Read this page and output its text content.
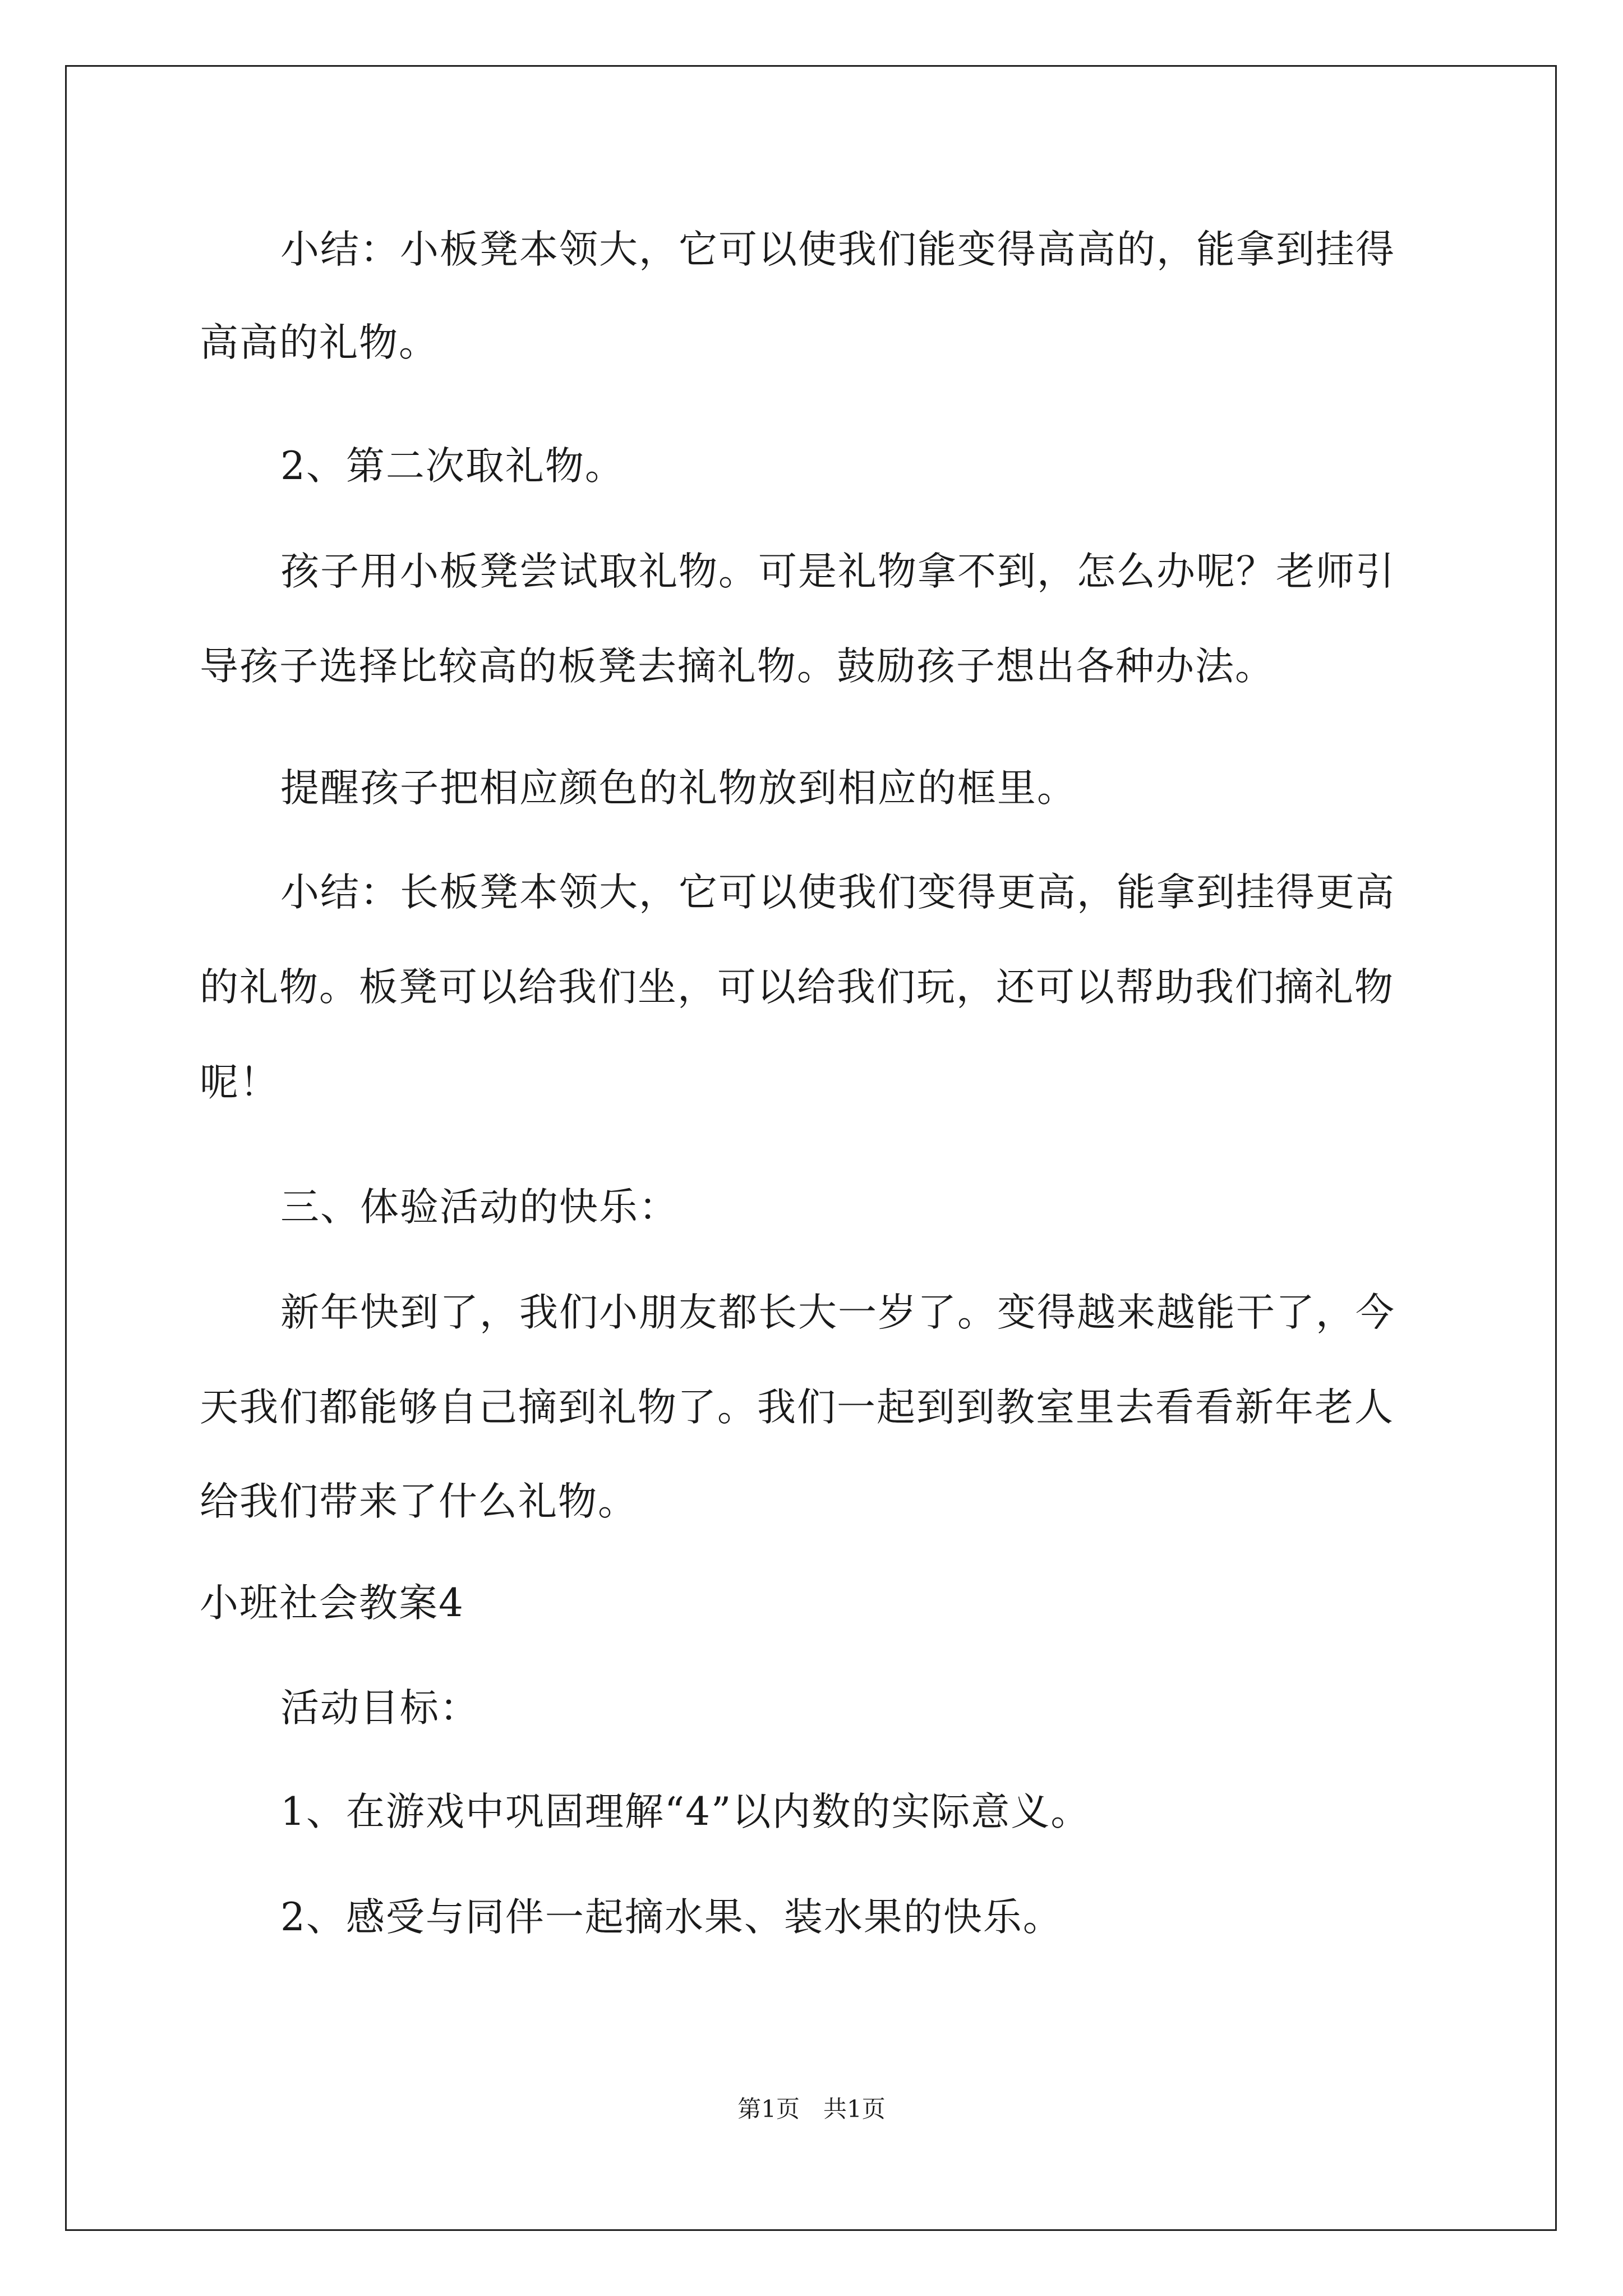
小结：小板凳本领大，它可以使我们能变得高高的，能拿到挂得
高高的礼物。
2、第二次取礼物。
孩子用小板凳尝试取礼物。可是礼物拿不到，怎么办呢？老师引
导孩子选择比较高的板凳去摘礼物。鼓励孩子想出各种办法。
提醒孩子把相应颜色的礼物放到相应的框里。
小结：长板凳本领大，它可以使我们变得更高，能拿到挂得更高
的礼物。板凳可以给我们坐，可以给我们玩，还可以帮助我们摘礼物
呢！
三、体验活动的快乐：
新年快到了，我们小朋友都长大一岁了。变得越来越能干了，今
天我们都能够自己摘到礼物了。我们一起到到教室里去看看新年老人
给我们带来了什么礼物。
小班社会教案4
活动目标：
1、在游戏中巩固理解“4”以内数的实际意义。
2、感受与同伴一起摘水果、装水果的快乐。
第1页　共1页
